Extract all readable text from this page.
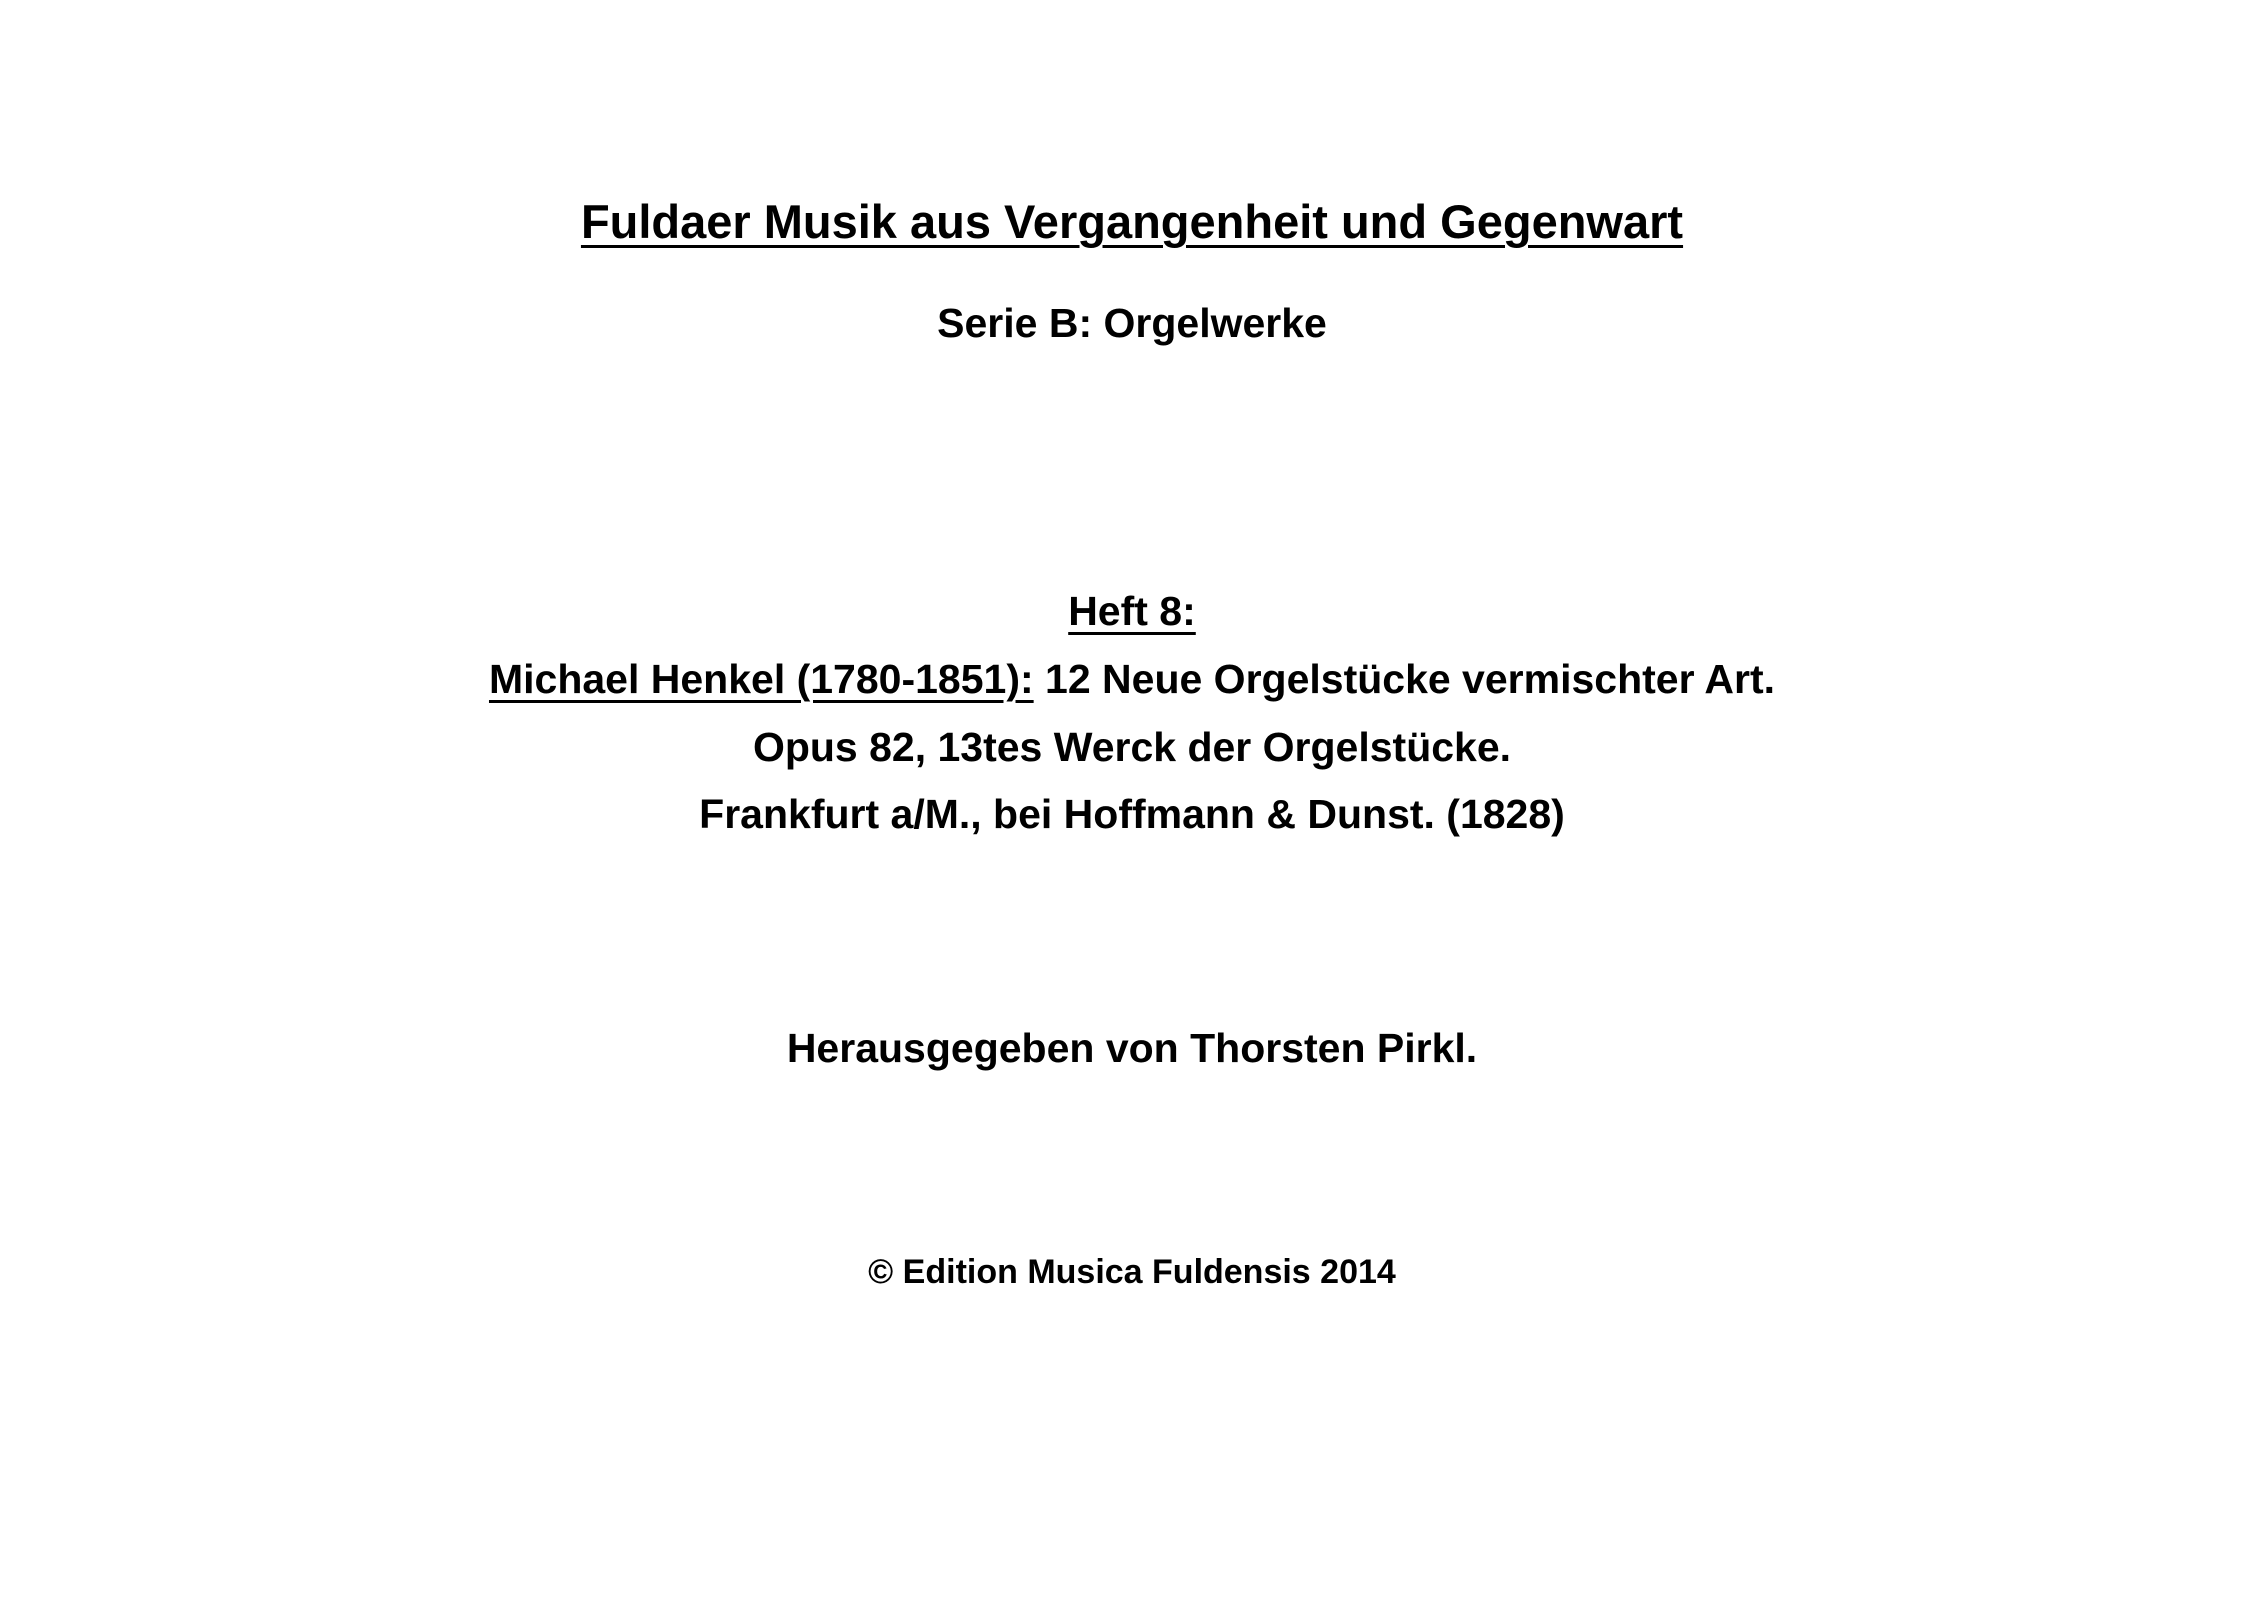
Fuldaer Musik aus Vergangenheit und Gegenwart
Serie B: Orgelwerke
Heft 8:
Michael Henkel (1780-1851): 12 Neue Orgelstücke vermischter Art.
Opus 82, 13tes Werck der Orgelstücke.
Frankfurt a/M., bei Hoffmann & Dunst. (1828)
Herausgegeben von Thorsten Pirkl.
© Edition Musica Fuldensis 2014
